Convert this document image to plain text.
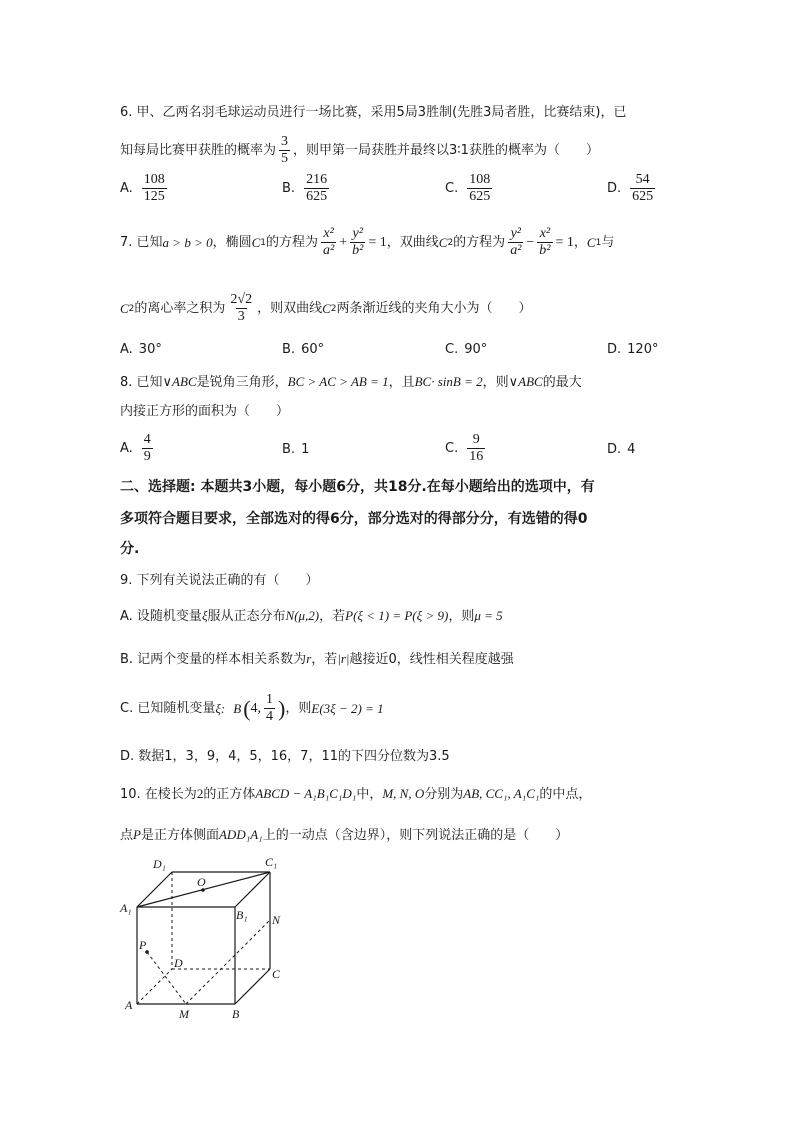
6. 甲、乙两名羽毛球运动员进行一场比赛，采用5局3胜制(先胜3局者胜，比赛结束)，已
知每局比赛甲获胜的概率为 $\frac{3}{5}$ ，则甲第一局获胜并最终以3∶1获胜的概率为（　　）
A. $\frac{108}{125}$	B. $\frac{216}{625}$	C. $\frac{108}{625}$	D. $\frac{54}{625}$
7. 已知 a > b > 0 ，椭圆 C 1 的方程为 $\frac{\text{x²}}{\text{a²}} + \frac{\text{y²}}{\text{b²}} = 1$ ，双曲线 C 2 的方程为 $\frac{\text{y²}}{\text{a²}} - \frac{\text{x²}}{\text{b²}} = 1$ ， C 1 与
C 2 的离心率之积为 $\frac{2√2}{3}$ ，则双曲线 C 2 两条渐近线的夹角大小为（　　）
A. 30°	B. 60°	C. 90°	D. 120°
8. 已知∨ABC是锐角三角形，BC > AC > AB = 1，且BC· sinB = 2，则∨ABC的最大
内接正方形的面积为（　　）
A. $\frac{4}{9}$	B. 1	C. $\frac{9}{16}$	D. 4
二、选择题: 本题共3小题，每小题6分，共18分.在每小题给出的选项中，有
多项符合题目要求，全部选对的得6分，部分选对的得部分分，有选错的得0
分.
9. 下列有关说法正确的有（　　）
A. 设随机变量ξ服从正态分布N(μ,2)，若P(ξ < 1) = P(ξ > 9)，则μ = 5
B. 记两个变量的样本相关系数为r，若|r|越接近0，线性相关程度越强
C. 已知随机变量 ξ: B ( 4, $\frac{1}{4}$ ) ，则 E(3ξ − 2) = 1
D. 数据1，3，9，4，5，16，7，11的下四分位数为3.5
10. 在棱长为2的正方体ABCD − A₁B₁C₁D₁中，M, N, O分别为AB, CC₁, A₁C₁的中点，
点P是正方体侧面ADD₁A₁上的一动点（含边界），则下列说法正确的是（　　）
D₁	C₁
O
A₁	B₁ N
P
D
C
A
M	B
